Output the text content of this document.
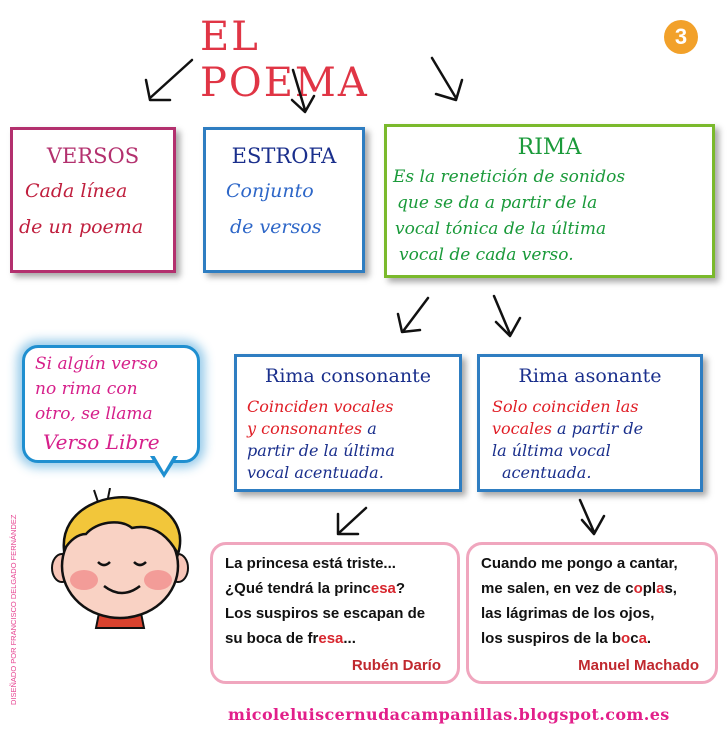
EL POEMA
3
VERSOS
Cada línea
de un poema
ESTROFA
Conjunto
de versos
RIMA
Es la renetición de sonidos
que se da a partir de la
vocal tónica de la última
vocal de cada verso.
Si algún verso
no rima con
otro, se llama
Verso Libre
Rima consonante
Coinciden vocales
y consonantes a
partir de la última
vocal acentuada.
Rima asonante
Solo coinciden las
vocales a partir de
la última vocal
acentuada.
DISEÑADO POR FRANCISCO DELGADO FERNÁNDEZ	La princesa está triste...
¿Qué tendrá la princesa?
Los suspiros se escapan de
su boca de fresa...
Rubén Darío
Cuando me pongo a cantar,
me salen, en vez de coplas,
las lágrimas de los ojos,
los suspiros de la boca.
Manuel Machado
micoleluiscernudacampanillas.blogspot.com.es
